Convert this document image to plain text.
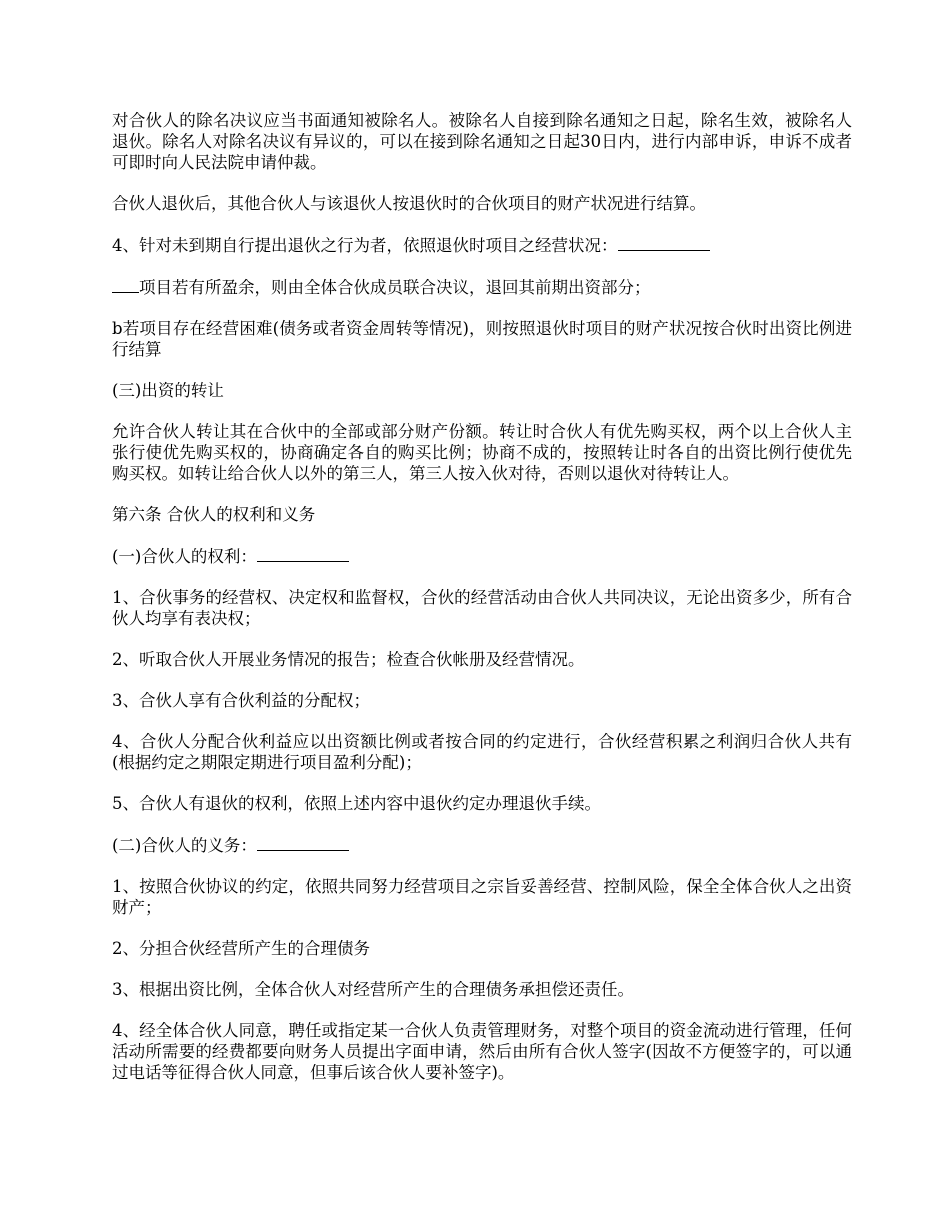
对合伙人的除名决议应当书面通知被除名人。被除名人自接到除名通知之日起，除名生效，被除名人退伙。除名人对除名决议有异议的，可以在接到除名通知之日起30日内，进行内部申诉，申诉不成者可即时向人民法院申请仲裁。

合伙人退伙后，其他合伙人与该退伙人按退伙时的合伙项目的财产状况进行结算。

4、针对未到期自行提出退伙之行为者，依照退伙时项目之经营状况：

项目若有所盈余，则由全体合伙成员联合决议，退回其前期出资部分；

b若项目存在经营困难(债务或者资金周转等情况)，则按照退伙时项目的财产状况按合伙时出资比例进行结算

(三)出资的转让

允许合伙人转让其在合伙中的全部或部分财产份额。转让时合伙人有优先购买权，两个以上合伙人主张行使优先购买权的，协商确定各自的购买比例；协商不成的，按照转让时各自的出资比例行使优先购买权。如转让给合伙人以外的第三人，第三人按入伙对待，否则以退伙对待转让人。

第六条 合伙人的权利和义务

(一)合伙人的权利：

1、合伙事务的经营权、决定权和监督权，合伙的经营活动由合伙人共同决议，无论出资多少，所有合伙人均享有表决权；

2、听取合伙人开展业务情况的报告；检查合伙帐册及经营情况。

3、合伙人享有合伙利益的分配权；

4、合伙人分配合伙利益应以出资额比例或者按合同的约定进行，合伙经营积累之利润归合伙人共有(根据约定之期限定期进行项目盈利分配)；

5、合伙人有退伙的权利，依照上述内容中退伙约定办理退伙手续。

(二)合伙人的义务：

1、按照合伙协议的约定，依照共同努力经营项目之宗旨妥善经营、控制风险，保全全体合伙人之出资财产；

2、分担合伙经营所产生的合理债务

3、根据出资比例，全体合伙人对经营所产生的合理债务承担偿还责任。

4、经全体合伙人同意，聘任或指定某一合伙人负责管理财务，对整个项目的资金流动进行管理，任何活动所需要的经费都要向财务人员提出字面申请，然后由所有合伙人签字(因故不方便签字的，可以通过电话等征得合伙人同意，但事后该合伙人要补签字)。
